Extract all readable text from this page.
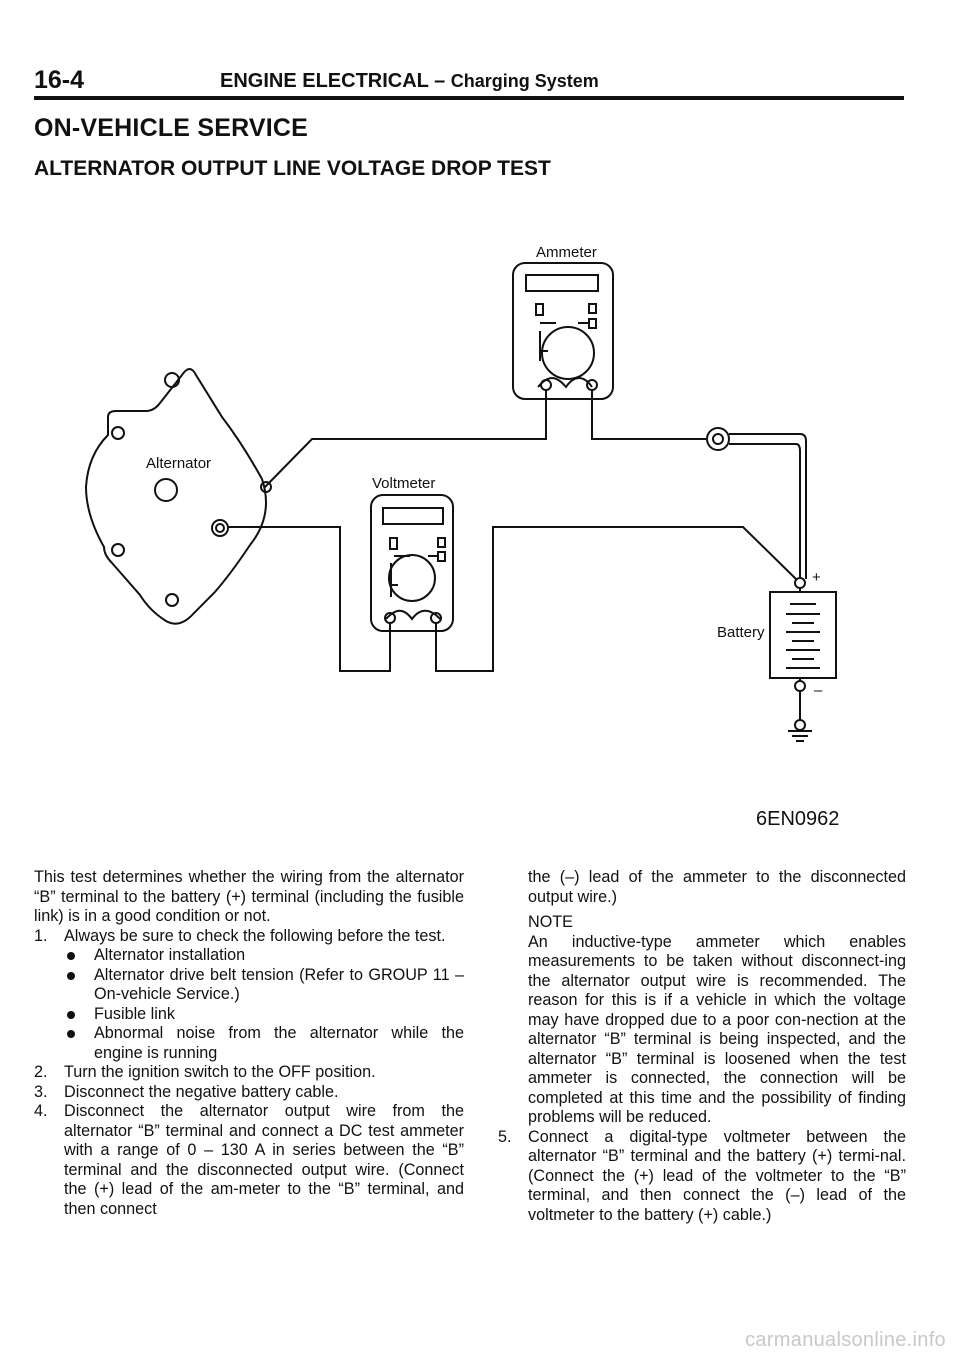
16-4	ENGINE ELECTRICAL – Charging System
ON-VEHICLE SERVICE
ALTERNATOR OUTPUT LINE VOLTAGE DROP TEST
Ammeter
Voltmeter
Alternator
Battery
+
–
6EN0962

This test determines whether the wiring from the alternator “B” terminal to the battery (+) terminal (including the fusible link) is in a good condition or not.

1. Always be sure to check the following before the test.
Alternator installation
Alternator drive belt tension (Refer to GROUP 11 – On-vehicle Service.)
Fusible link
Abnormal noise from the alternator while the engine is running
2. Turn the ignition switch to the OFF position.
3. Disconnect the negative battery cable.
4. Disconnect the alternator output wire from the alternator “B” terminal and connect a DC test ammeter with a range of 0 – 130 A in series between the “B” terminal and the disconnected output wire. (Connect the (+) lead of the am-meter to the “B” terminal, and then connect
the (–) lead of the ammeter to the disconnected output wire.)
NOTE
An inductive-type ammeter which enables measurements to be taken without disconnect-ing the alternator output wire is recommended. The reason for this is if a vehicle in which the voltage may have dropped due to a poor con-nection at the alternator “B” terminal is being inspected, and the alternator “B” terminal is loosened when the test ammeter is connected, the connection will be completed at this time and the possibility of finding problems will be reduced.
5. Connect a digital-type voltmeter between the alternator “B” terminal and the battery (+) termi-nal. (Connect the (+) lead of the voltmeter to the “B” terminal, and then connect the (–) lead of the voltmeter to the battery (+) cable.)
carmanualsonline.info
